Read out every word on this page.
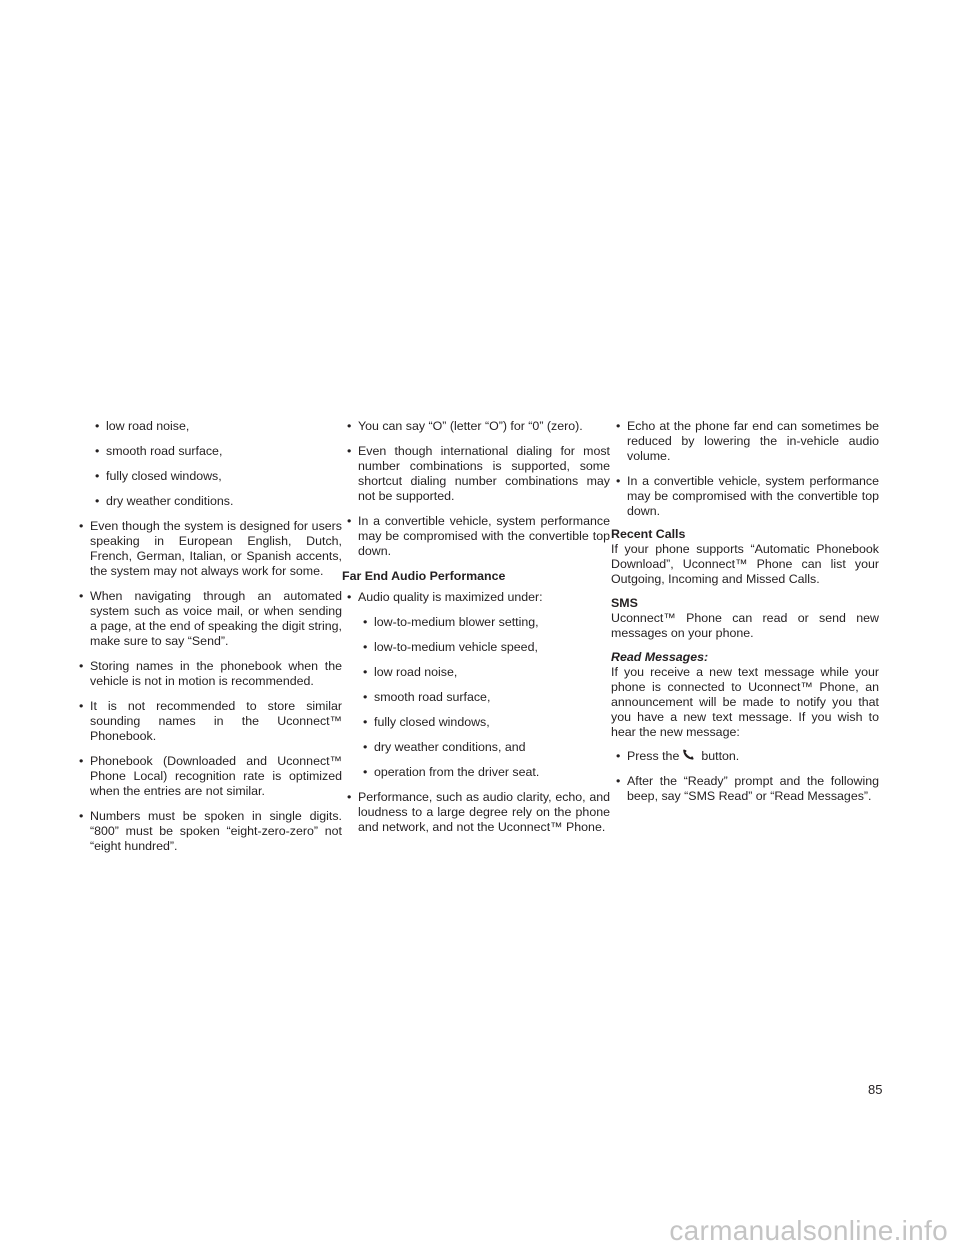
• low road noise,
• smooth road surface,
• fully closed windows,
• dry weather conditions.
• Even though the system is designed for users speaking in European English, Dutch, French, German, Italian, or Spanish accents, the system may not always work for some.
• When navigating through an automated system such as voice mail, or when sending a page, at the end of speaking the digit string, make sure to say “Send”.
• Storing names in the phonebook when the vehicle is not in motion is recommended.
• It is not recommended to store similar sounding names in the Uconnect™ Phonebook.
• Phonebook (Downloaded and Uconnect™ Phone Local) recognition rate is optimized when the entries are not similar.
• Numbers must be spoken in single digits. “800” must be spoken “eight-zero-zero” not “eight hundred”.
• You can say “O” (letter “O”) for “0” (zero).
• Even though international dialing for most number combinations is supported, some shortcut dialing number combinations may not be supported.
• In a convertible vehicle, system performance may be compromised with the convertible top down.

Far End Audio Performance

• Audio quality is maximized under:
• low-to-medium blower setting,
• low-to-medium vehicle speed,
• low road noise,
• smooth road surface,
• fully closed windows,
• dry weather conditions, and
• operation from the driver seat.
• Performance, such as audio clarity, echo, and loudness to a large degree rely on the phone and network, and not the Uconnect™ Phone.
• Echo at the phone far end can sometimes be reduced by lowering the in-vehicle audio volume.
• In a convertible vehicle, system performance may be compromised with the convertible top down.

Recent Calls

If your phone supports “Automatic Phonebook Download”, Uconnect™ Phone can list your Outgoing, Incoming and Missed Calls.

SMS

Uconnect™ Phone can read or send new messages on your phone.

Read Messages:

If you receive a new text message while your phone is connected to Uconnect™ Phone, an announcement will be made to notify you that you have a new text message. If you wish to hear the new message:

• Press the button.
• After the “Ready” prompt and the following beep, say “SMS Read” or “Read Messages”.
85
carmanualsonline.info
